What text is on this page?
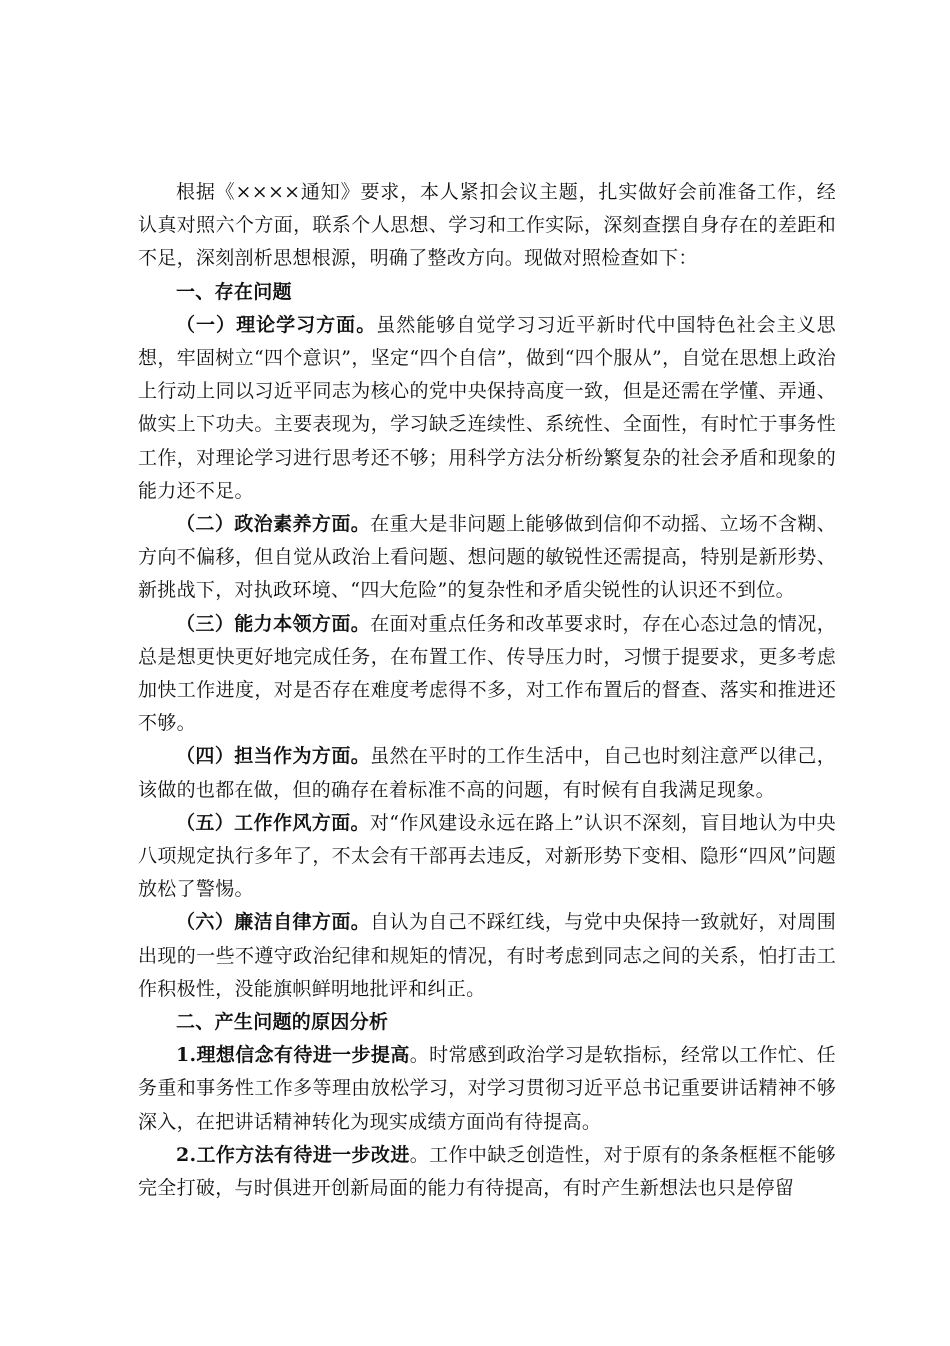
根据《××××通知》要求，本人紧扣会议主题，扎实做好会前准备工作，经认真对照六个方面，联系个人思想、学习和工作实际，深刻查摆自身存在的差距和不足，深刻剖析思想根源，明确了整改方向。现做对照检查如下：

一、存在问题

（一）理论学习方面。虽然能够自觉学习习近平新时代中国特色社会主义思想，牢固树立“四个意识”，坚定“四个自信”，做到“四个服从”，自觉在思想上政治上行动上同以习近平同志为核心的党中央保持高度一致，但是还需在学懂、弄通、做实上下功夫。主要表现为，学习缺乏连续性、系统性、全面性，有时忙于事务性工作，对理论学习进行思考还不够；用科学方法分析纷繁复杂的社会矛盾和现象的能力还不足。

（二）政治素养方面。在重大是非问题上能够做到信仰不动摇、立场不含糊、方向不偏移，但自觉从政治上看问题、想问题的敏锐性还需提高，特别是新形势、新挑战下，对执政环境、“四大危险”的复杂性和矛盾尖锐性的认识还不到位。

（三）能力本领方面。在面对重点任务和改革要求时，存在心态过急的情况，总是想更快更好地完成任务，在布置工作、传导压力时，习惯于提要求，更多考虑加快工作进度，对是否存在难度考虑得不多，对工作布置后的督查、落实和推进还不够。

（四）担当作为方面。虽然在平时的工作生活中，自己也时刻注意严以律己，该做的也都在做，但的确存在着标准不高的问题，有时候有自我满足现象。

（五）工作作风方面。对“作风建设永远在路上”认识不深刻，盲目地认为中央八项规定执行多年了，不太会有干部再去违反，对新形势下变相、隐形“四风”问题放松了警惕。

（六）廉洁自律方面。自认为自己不踩红线，与党中央保持一致就好，对周围出现的一些不遵守政治纪律和规矩的情况，有时考虑到同志之间的关系，怕打击工作积极性，没能旗帜鲜明地批评和纠正。

二、产生问题的原因分析

1.理想信念有待进一步提高。时常感到政治学习是软指标，经常以工作忙、任务重和事务性工作多等理由放松学习，对学习贯彻习近平总书记重要讲话精神不够深入，在把讲话精神转化为现实成绩方面尚有待提高。

2.工作方法有待进一步改进。工作中缺乏创造性，对于原有的条条框框不能够完全打破，与时俱进开创新局面的能力有待提高，有时产生新想法也只是停留
